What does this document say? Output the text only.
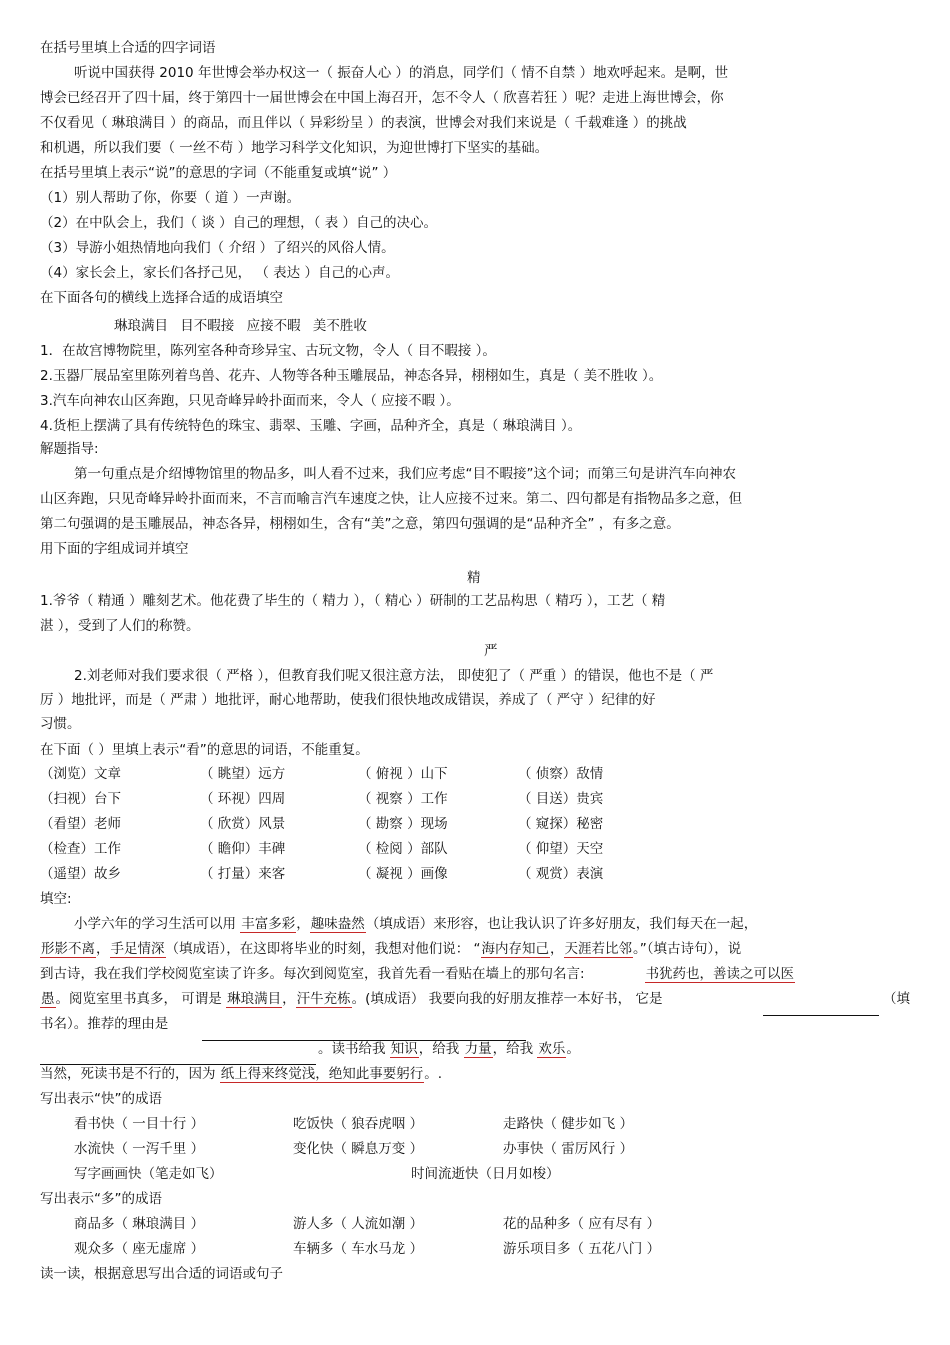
在括号里填上合适的四字词语
听说中国获得 2010 年世博会举办权这一（ 振奋人心 ）的消息，同学们（ 情不自禁 ）地欢呼起来。是啊，世
博会已经召开了四十届，终于第四十一届世博会在中国上海召开，怎不令人（ 欣喜若狂 ）呢？走进上海世博会，你
不仅看见（ 琳琅满目 ）的商品，而且伴以（ 异彩纷呈 ）的表演，世博会对我们来说是（ 千载难逢 ）的挑战
和机遇，所以我们要（ 一丝不苟 ）地学习科学文化知识，为迎世博打下坚实的基础。
在括号里填上表示“说”的意思的字词（不能重复或填“说” ）
（1）别人帮助了你，你要（ 道 ）一声谢。
（2）在中队会上，我们（ 谈 ）自己的理想，（ 表 ）自己的决心。
（3）导游小姐热情地向我们（ 介绍 ）了绍兴的风俗人情。
（4）家长会上，家长们各抒己见， （ 表达 ）自己的心声。
在下面各句的横线上选择合适的成语填空
琳琅满目 目不暇接 应接不暇 美不胜收
1．在故宫博物院里，陈列室各种奇珍异宝、古玩文物，令人（ 目不暇接 ）。
2.玉器厂展品室里陈列着鸟兽、花卉、人物等各种玉雕展品，神态各异，栩栩如生，真是（ 美不胜收 ）。
3.汽车向神农山区奔跑，只见奇峰异岭扑面而来，令人（ 应接不暇 ）。
4.货柜上摆满了具有传统特色的珠宝、翡翠、玉雕、字画，品种齐全，真是（ 琳琅满目 ）。
解题指导:
第一句重点是介绍博物馆里的物品多，叫人看不过来，我们应考虑“目不暇接”这个词；而第三句是讲汽车向神农
山区奔跑，只见奇峰异岭扑面而来，不言而喻言汽车速度之快，让人应接不过来。第二、四句都是有指物品多之意，但
第二句强调的是玉雕展品，神态各异，栩栩如生，含有“美”之意，第四句强调的是“品种齐全” ，有多之意。
用下面的字组成词并填空
精
1.爷爷（ 精通 ）雕刻艺术。他花费了毕生的（ 精力 ），（ 精心 ）研制的工艺品构思（ 精巧 ），工艺（ 精
湛 ），受到了人们的称赞。
严
2.刘老师对我们要求很（ 严格 ），但教育我们呢又很注意方法， 即使犯了（ 严重 ）的错误，他也不是（ 严
厉 ）地批评，而是（ 严肃 ）地批评，耐心地帮助，使我们很快地改成错误，养成了（ 严守 ）纪律的好
习惯。
在下面（ ）里填上表示“看”的意思的词语，不能重复。
（浏览）文章	（ 眺望）远方	（ 俯视 ）山下	（ 侦察）敌情
（扫视）台下	（ 环视）四周	（ 视察 ）工作	（ 目送）贵宾
（看望）老师	（ 欣赏）风景	（ 勘察 ）现场	（ 窥探）秘密
（检查）工作	（ 瞻仰）丰碑	（ 检阅 ）部队	（ 仰望）天空
（遥望）故乡	（ 打量）来客	（ 凝视 ）画像	（ 观赏）表演
填空:
小学六年的学习生活可以用 丰富多彩，趣味盎然（填成语）来形容，也让我认识了许多好朋友，我们每天在一起，
形影不离，手足情深（填成语），在这即将毕业的时刻，我想对他们说： “海内存知己，天涯若比邻。”（填古诗句），说
到古诗，我在我们学校阅览室读了许多。每次到阅览室，我首先看一看贴在墙上的那句名言:	书犹药也，善读之可以医
愚。阅览室里书真多， 可谓是 琳琅满目，汗牛充栋。(填成语） 我要向我的好朋友推荐一本好书， 它是	（填
书名）。推荐的理由是
。读书给我 知识，给我 力量，给我 欢乐。
当然，死读书是不行的，因为 纸上得来终觉浅，绝知此事要躬行。.
写出表示“快”的成语
看书快（ 一目十行 ）	吃饭快（ 狼吞虎咽 ）	走路快（ 健步如飞 ）
水流快（ 一泻千里 ）	变化快（ 瞬息万变 ）	办事快（ 雷厉风行 ）
写字画画快（笔走如飞）	时间流逝快（日月如梭）
写出表示“多”的成语
商品多（ 琳琅满目 ）	游人多（ 人流如潮 ）	花的品种多（ 应有尽有 ）
观众多（ 座无虚席 ）	车辆多（ 车水马龙 ）	游乐项目多（ 五花八门 ）
读一读，根据意思写出合适的词语或句子
